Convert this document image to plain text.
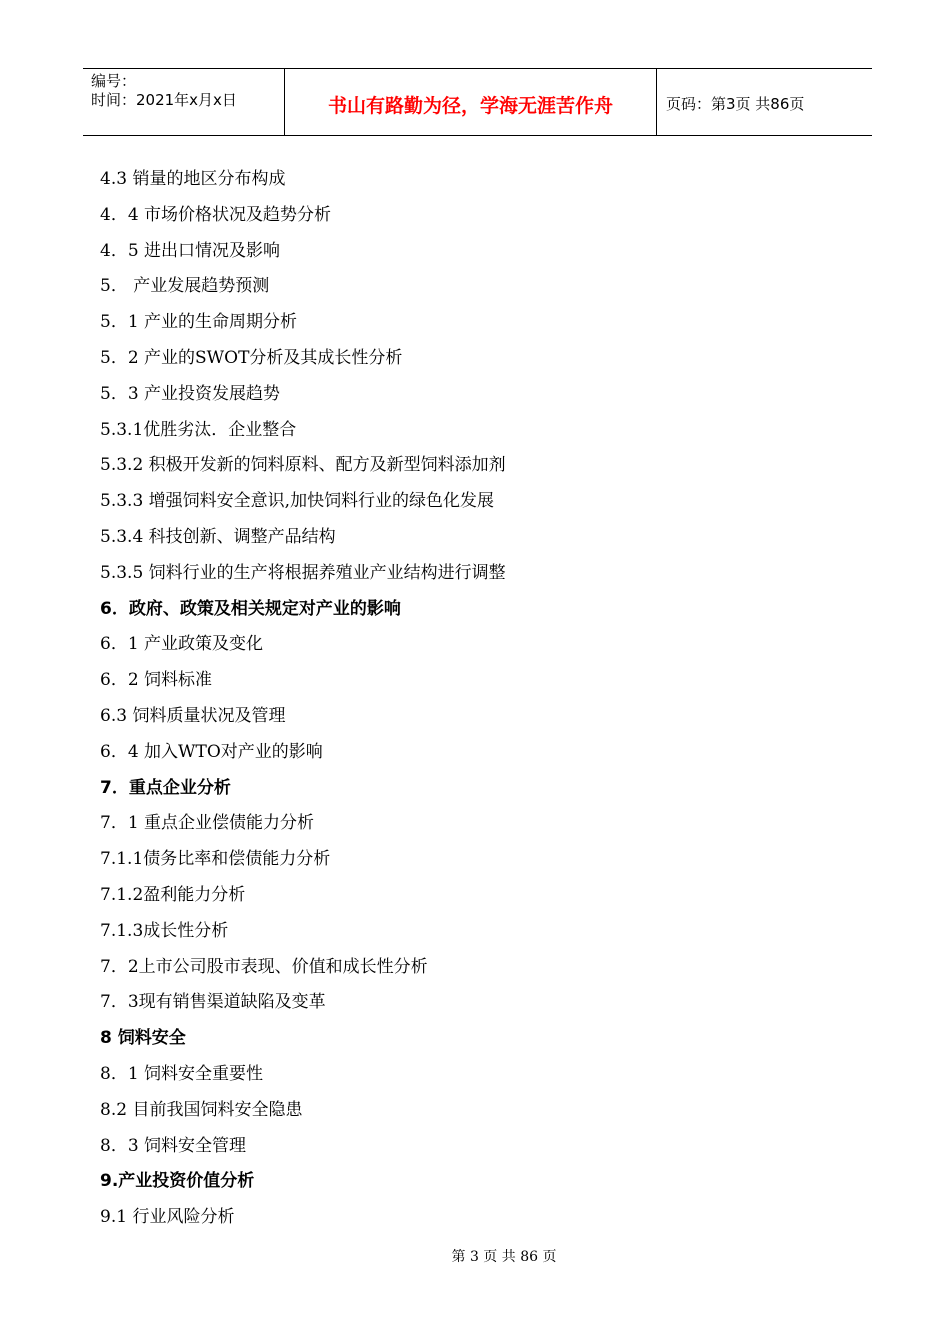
编号：
时间：2021年x月x日	书山有路勤为径，学海无涯苦作舟	页码：第3页 共86页
4.3 销量的地区分布构成
4．4 市场价格状况及趋势分析
4．5 进出口情况及影响
5． 产业发展趋势预测
5．1 产业的生命周期分析
5．2 产业的SWOT分析及其成长性分析
5．3 产业投资发展趋势
5.3.1优胜劣汰．企业整合
5.3.2 积极开发新的饲料原料、配方及新型饲料添加剂
5.3.3 增强饲料安全意识,加快饲料行业的绿色化发展
5.3.4 科技创新、调整产品结构
5.3.5 饲料行业的生产将根据养殖业产业结构进行调整
6．政府、政策及相关规定对产业的影响
6．1 产业政策及变化
6．2 饲料标准
6.3 饲料质量状况及管理
6．4 加入WTO对产业的影响
7．重点企业分析
7．1 重点企业偿债能力分析
7.1.1债务比率和偿债能力分析
7.1.2盈利能力分析
7.1.3成长性分析
7．2上市公司股市表现、价值和成长性分析
7．3现有销售渠道缺陷及变革
8 饲料安全
8．1 饲料安全重要性
8.2 目前我国饲料安全隐患
8．3 饲料安全管理
9.产业投资价值分析
9.1 行业风险分析
第 3 页 共 86 页
